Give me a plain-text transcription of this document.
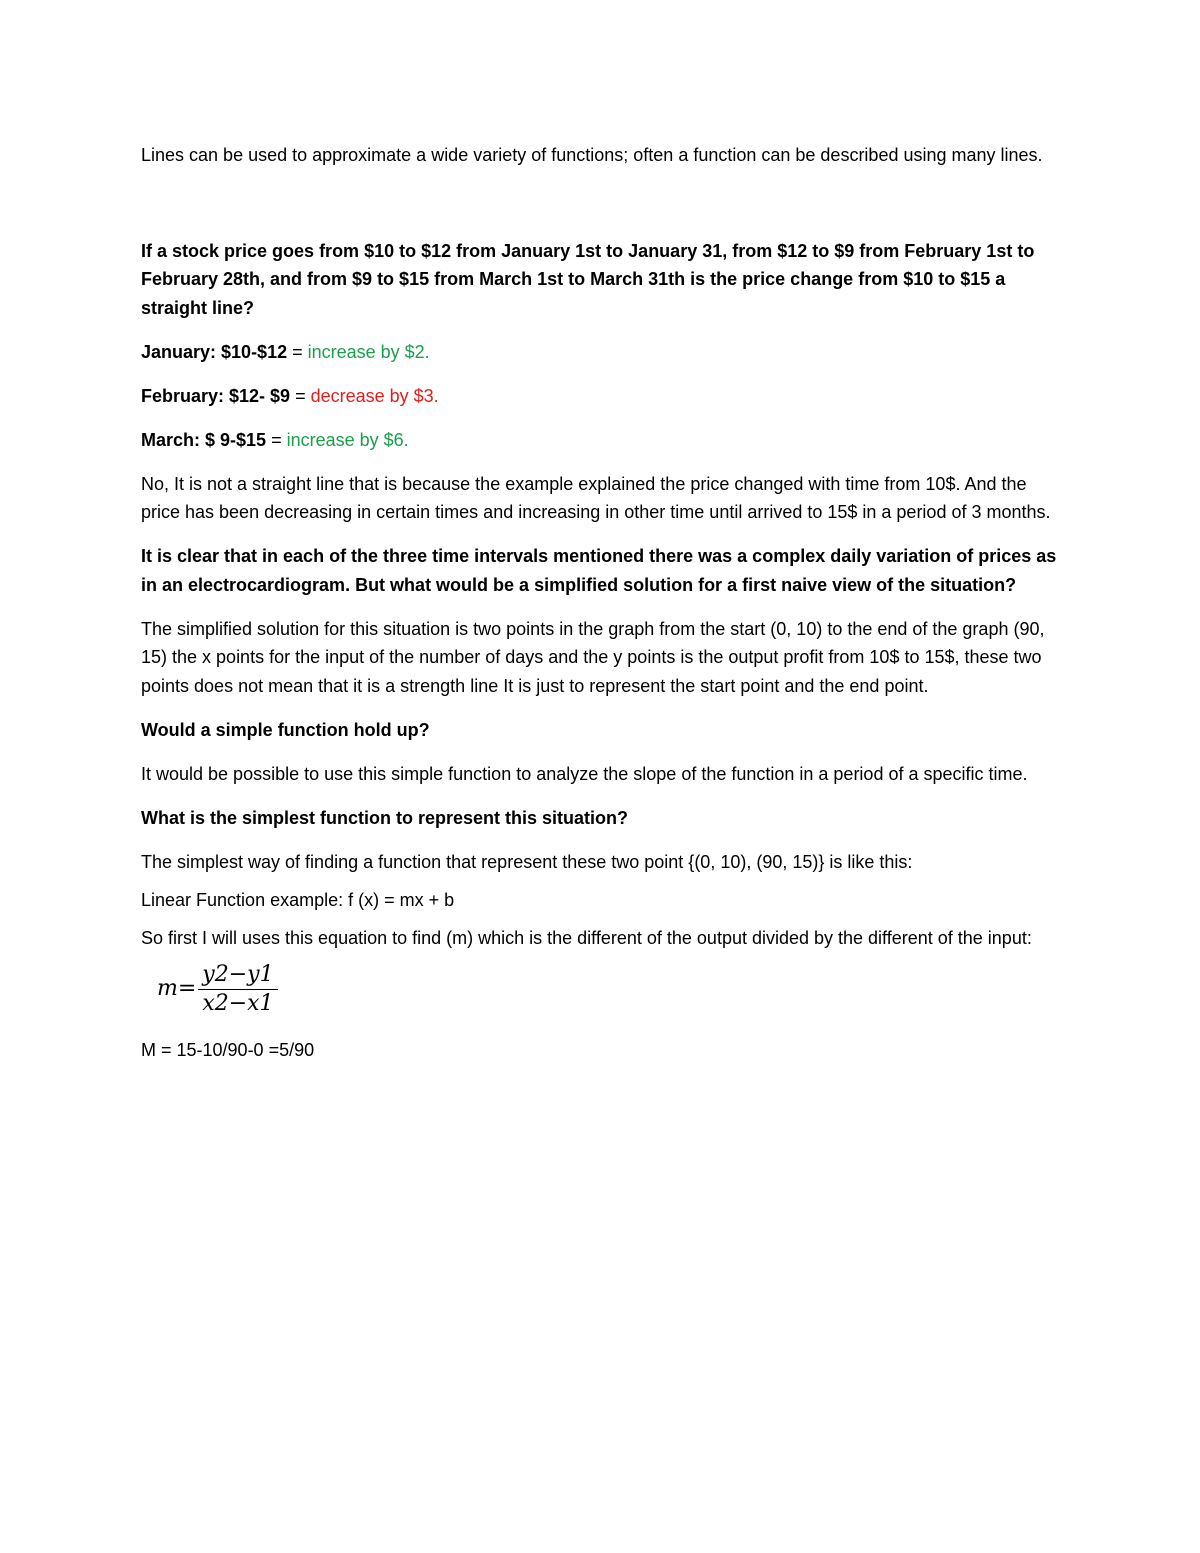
Lines can be used to approximate a wide variety of functions; often a function can be described using many lines.

If a stock price goes from $10 to $12 from January 1st to January 31, from $12 to $9 from February 1st to February 28th, and from $9 to $15 from March 1st to March 31th is the price change from $10 to $15 a straight line?

January: $10-$12 = increase by $2.

February: $12- $9 = decrease by $3.

March: $ 9-$15 = increase by $6.

No, It is not a straight line that is because the example explained the price changed with time from 10$. And the price has been decreasing in certain times and increasing in other time until arrived to 15$ in a period of 3 months.

It is clear that in each of the three time intervals mentioned there was a complex daily variation of prices as in an electrocardiogram. But what would be a simplified solution for a first naive view of the situation?

The simplified solution for this situation is two points in the graph from the start (0, 10) to the end of the graph (90, 15) the x points for the input of the number of days and the y points is the output profit from 10$ to 15$, these two points does not mean that it is a strength line It is just to represent the start point and the end point.

Would a simple function hold up?

It would be possible to use this simple function to analyze the slope of the function in a period of a specific time.

What is the simplest function to represent this situation?

The simplest way of finding a function that represent these two point {(0, 10), (90, 15)} is like this:

Linear Function example: f (x) = mx + b

So first I will uses this equation to find (m) which is the different of the output divided by the different of the input:

$m= \frac{y2-y1}{x2-x1}$

M = 15-10/90-0 =5/90
